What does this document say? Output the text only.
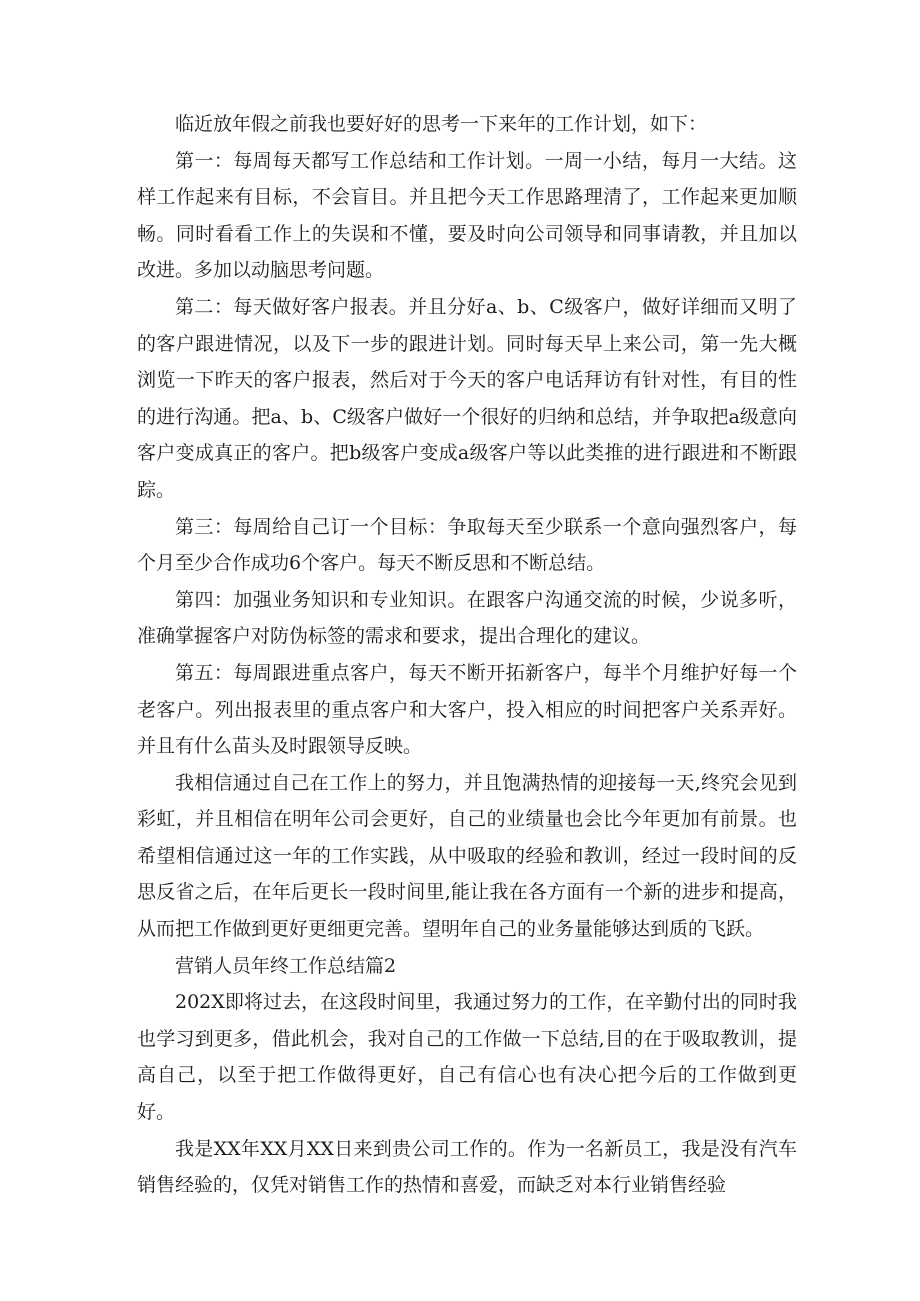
临近放年假之前我也要好好的思考一下来年的工作计划，如下：

第一：每周每天都写工作总结和工作计划。一周一小结，每月一大结。这样工作起来有目标，不会盲目。并且把今天工作思路理清了，工作起来更加顺畅。同时看看工作上的失误和不懂，要及时向公司领导和同事请教，并且加以改进。多加以动脑思考问题。

第二：每天做好客户报表。并且分好a、b、C级客户，做好详细而又明了的客户跟进情况，以及下一步的跟进计划。同时每天早上来公司，第一先大概浏览一下昨天的客户报表，然后对于今天的客户电话拜访有针对性，有目的性的进行沟通。把a、b、C级客户做好一个很好的归纳和总结，并争取把a级意向客户变成真正的客户。把b级客户变成a级客户等以此类推的进行跟进和不断跟踪。

第三：每周给自己订一个目标：争取每天至少联系一个意向强烈客户，每个月至少合作成功6个客户。每天不断反思和不断总结。

第四：加强业务知识和专业知识。在跟客户沟通交流的时候，少说多听，准确掌握客户对防伪标签的需求和要求，提出合理化的建议。

第五：每周跟进重点客户，每天不断开拓新客户，每半个月维护好每一个老客户。列出报表里的重点客户和大客户，投入相应的时间把客户关系弄好。并且有什么苗头及时跟领导反映。

我相信通过自己在工作上的努力，并且饱满热情的迎接每一天,终究会见到彩虹，并且相信在明年公司会更好，自己的业绩量也会比今年更加有前景。也希望相信通过这一年的工作实践，从中吸取的经验和教训，经过一段时间的反思反省之后，在年后更长一段时间里,能让我在各方面有一个新的进步和提高，从而把工作做到更好更细更完善。望明年自己的业务量能够达到质的飞跃。

营销人员年终工作总结篇2

202X即将过去，在这段时间里，我通过努力的工作，在辛勤付出的同时我也学习到更多，借此机会，我对自己的工作做一下总结,目的在于吸取教训，提高自己，以至于把工作做得更好，自己有信心也有决心把今后的工作做到更好。

我是XX年XX月XX日来到贵公司工作的。作为一名新员工，我是没有汽车销售经验的，仅凭对销售工作的热情和喜爱，而缺乏对本行业销售经验
